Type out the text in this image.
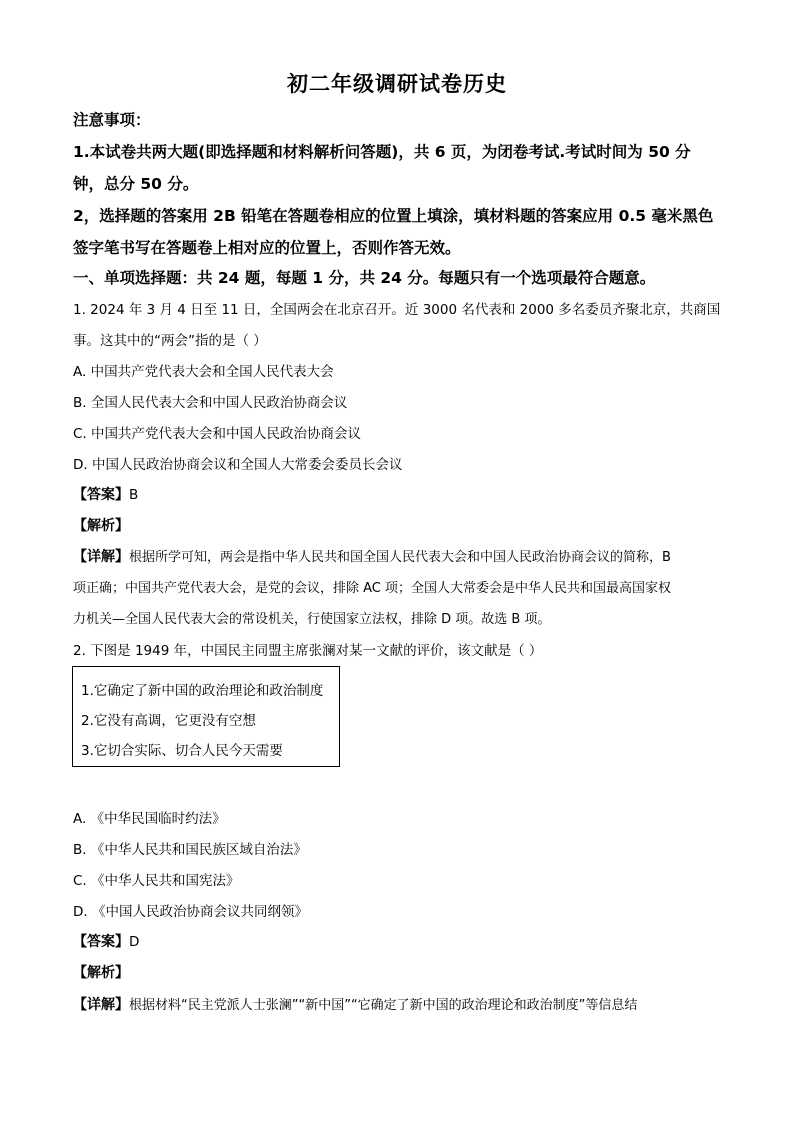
初二年级调研试卷历史
注意事项：
1.本试卷共两大题(即选择题和材料解析问答题)，共 6 页，为闭卷考试.考试时间为 50 分
钟，总分 50 分。
2，选择题的答案用 2B 铅笔在答题卷相应的位置上填涂，填材料题的答案应用 0.5 毫米黑色
签字笔书写在答题卷上相对应的位置上，否则作答无效。
一、单项选择题：共 24 题，每题 1 分，共 24 分。每题只有一个选项最符合题意。
1. 2024 年 3 月 4 日至 11 日，全国两会在北京召开。近 3000 名代表和 2000 多名委员齐聚北京，共商国
事。这其中的“两会”指的是（ ）
A. 中国共产党代表大会和全国人民代表大会
B. 全国人民代表大会和中国人民政治协商会议
C. 中国共产党代表大会和中国人民政治协商会议
D. 中国人民政治协商会议和全国人大常委会委员长会议
【答案】B
【解析】
【详解】根据所学可知，两会是指中华人民共和国全国人民代表大会和中国人民政治协商会议的简称，B
项正确；中国共产党代表大会，是党的会议，排除 AC 项；全国人大常委会是中华人民共和国最高国家权
力机关—全国人民代表大会的常设机关，行使国家立法权，排除 D 项。故选 B 项。
2. 下图是 1949 年，中国民主同盟主席张澜对某一文献的评价，该文献是（ ）
1.它确定了新中国的政治理论和政治制度
2.它没有高调，它更没有空想
3.它切合实际、切合人民今天需要
A. 《中华民国临时约法》
B. 《中华人民共和国民族区域自治法》
C. 《中华人民共和国宪法》
D. 《中国人民政治协商会议共同纲领》
【答案】D
【解析】
【详解】根据材料“民主党派人士张澜”“新中国”“它确定了新中国的政治理论和政治制度”等信息结
